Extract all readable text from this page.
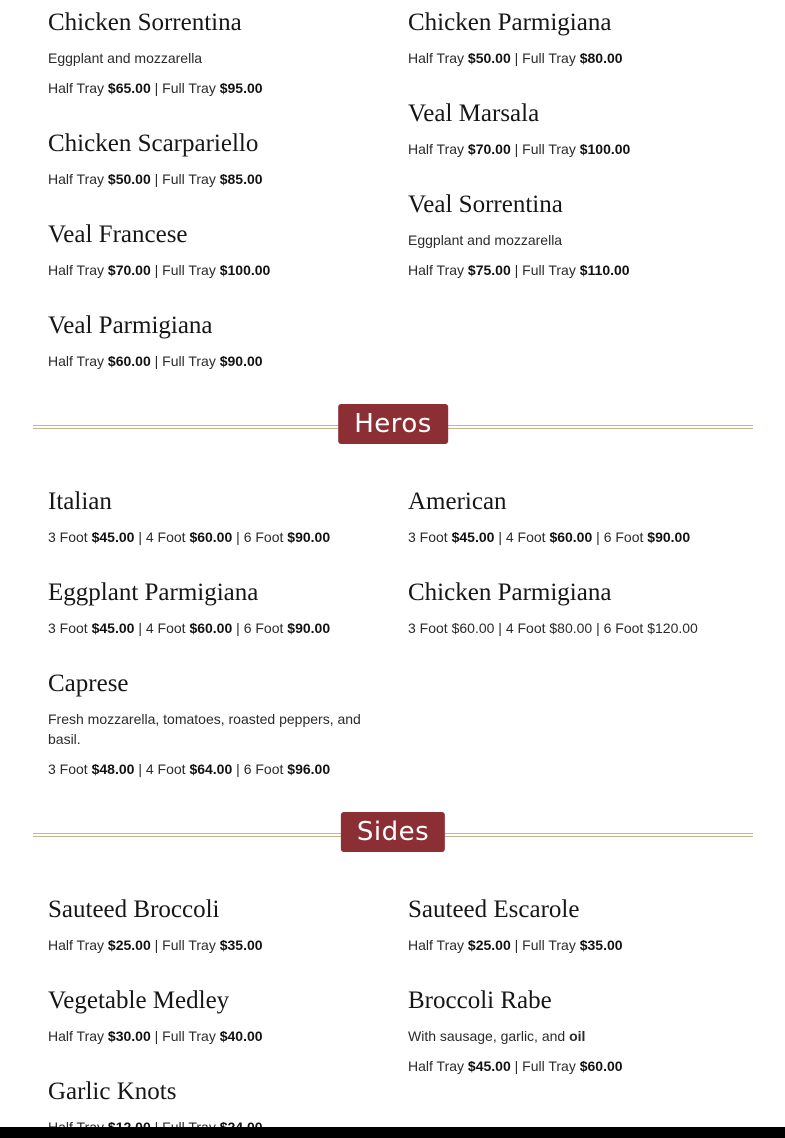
Chicken Sorrentina
Eggplant and mozzarella
Half Tray $65.00 | Full Tray $95.00
Chicken Parmigiana
Half Tray $50.00 | Full Tray $80.00
Veal Marsala
Half Tray $70.00 | Full Tray $100.00
Chicken Scarpariello
Half Tray $50.00 | Full Tray $85.00
Veal Sorrentina
Eggplant and mozzarella
Half Tray $75.00 | Full Tray $110.00
Veal Francese
Half Tray $70.00 | Full Tray $100.00
Veal Parmigiana
Half Tray $60.00 | Full Tray $90.00
Heros
Italian
3 Foot $45.00 | 4 Foot $60.00 | 6 Foot $90.00
American
3 Foot $45.00 | 4 Foot $60.00 | 6 Foot $90.00
Eggplant Parmigiana
3 Foot $45.00 | 4 Foot $60.00 | 6 Foot $90.00
Chicken Parmigiana
3 Foot $60.00 | 4 Foot $80.00 | 6 Foot $120.00
Caprese
Fresh mozzarella, tomatoes, roasted peppers, and basil.
3 Foot $48.00 | 4 Foot $64.00 | 6 Foot $96.00
Sides
Sauteed Broccoli
Half Tray $25.00 | Full Tray $35.00
Sauteed Escarole
Half Tray $25.00 | Full Tray $35.00
Vegetable Medley
Half Tray $30.00 | Full Tray $40.00
Broccoli Rabe
With sausage, garlic, and oil
Half Tray $45.00 | Full Tray $60.00
Garlic Knots
